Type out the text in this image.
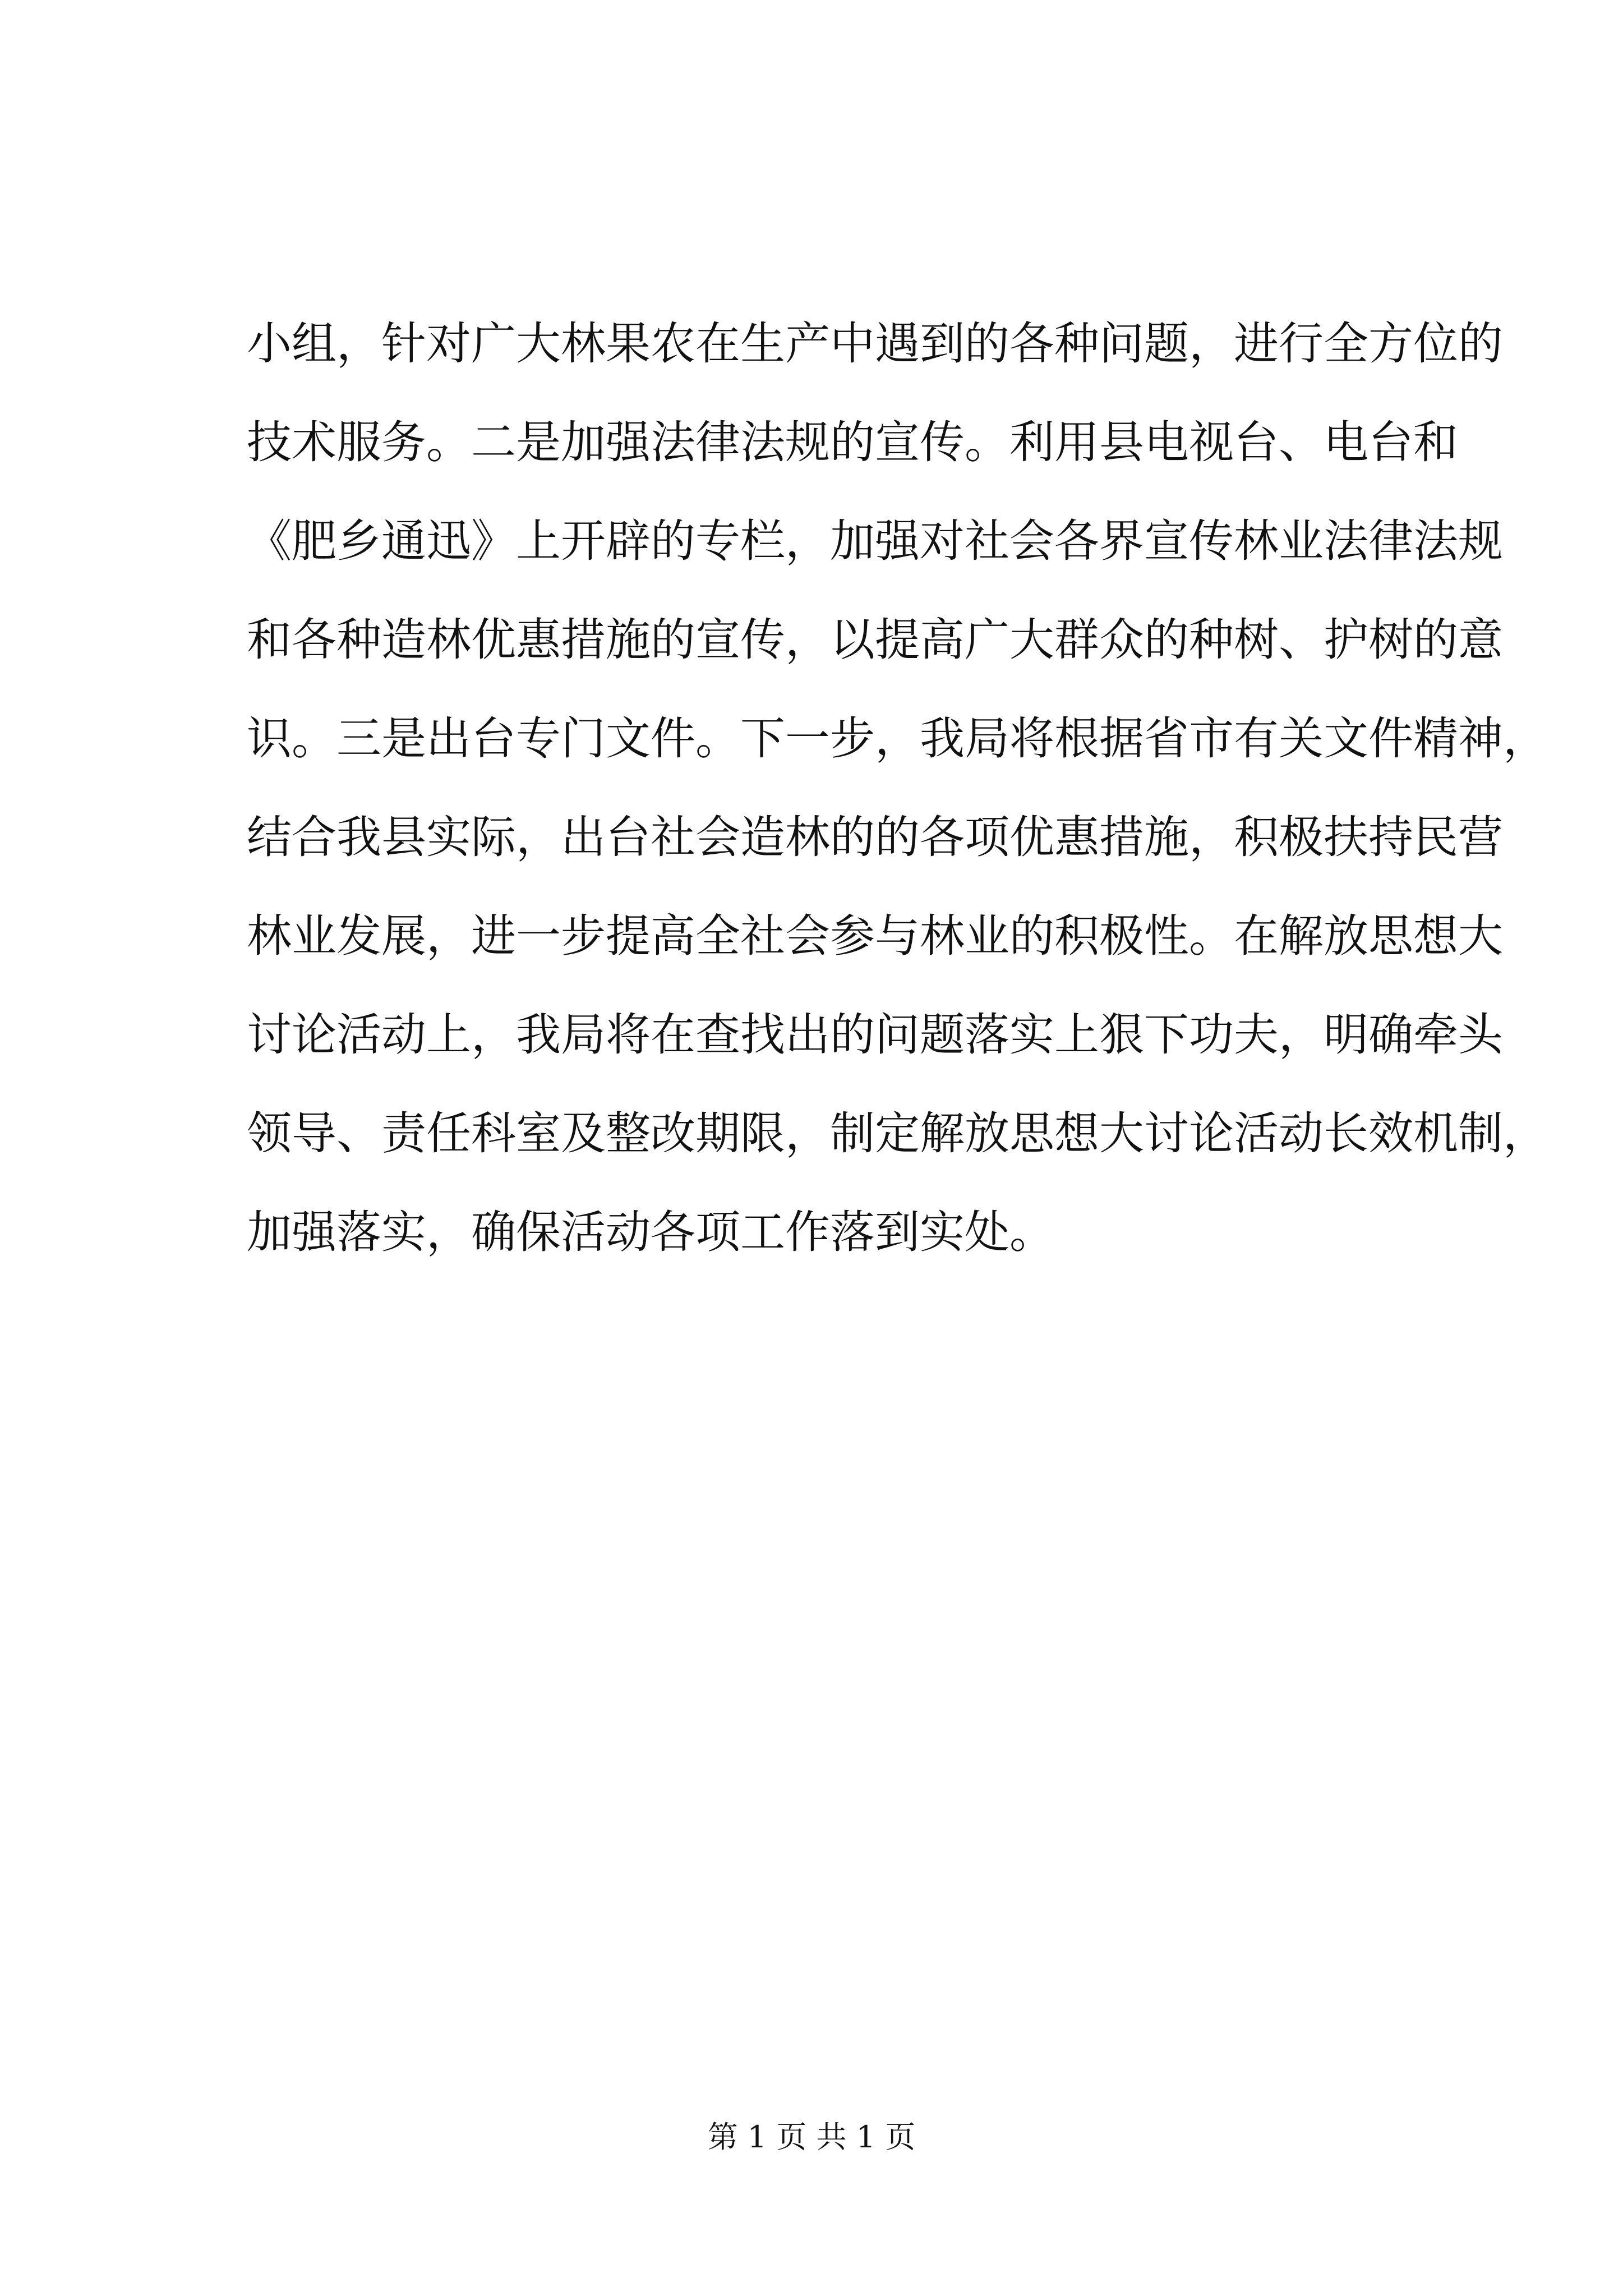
小组，针对广大林果农在生产中遇到的各种问题，进行全方位的
技术服务。二是加强法律法规的宣传。利用县电视台、电台和
《肥乡通迅》上开辟的专栏，加强对社会各界宣传林业法律法规
和各种造林优惠措施的宣传，以提高广大群众的种树、护树的意
识。三是出台专门文件。下一步，我局将根据省市有关文件精神，
结合我县实际，出台社会造林的的各项优惠措施，积极扶持民营
林业发展，进一步提高全社会参与林业的积极性。在解放思想大
讨论活动上，我局将在查找出的问题落实上狠下功夫，明确牵头
领导、责任科室及整改期限，制定解放思想大讨论活动长效机制，
加强落实，确保活动各项工作落到实处。
第 1 页 共 1 页
